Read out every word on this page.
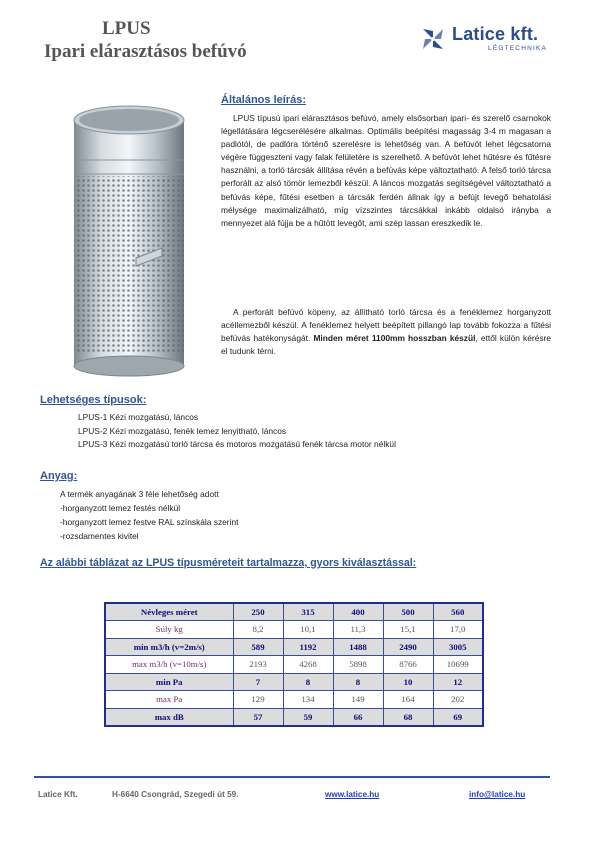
LPUS
Ipari elárasztásos befúvó
Latice kft.
LÉGTECHNIKA
Általános leírás:
LPUS típusú ipari elárasztásos befúvó, amely elsősorban ipari- és szerelő csarnokok légellátására légcserélésére alkalmas. Optimális beépítési magasság 3-4 m magasan a padlótól, de padlóra történő szerelésre is lehetőség van. A befúvót lehet légcsatorna végére függeszteni vagy falak felületére is szerelhető. A befúvót lehet hűtésre és fűtésre használni, a torló tárcsák állítása révén a befúvás képe változtatható. A felső torló tárcsa perforált az alsó tömör lemezből készül. A láncos mozgatás segítségével változtatható a befúvás képe, fűtési esetben a tárcsák ferdén állnak így a befújt levegő behatolási mélysége maximalizálható, míg vízszintes tárcsákkal inkább oldalsó irányba a mennyezet alá fújja be a hűtött levegőt, ami szép lassan ereszkedik le.
A perforált befúvó köpeny, az állítható torló tárcsa és a fenéklemez horganyzott acéllemezből készül. A fenéklemez helyett beépített pillangó lap tovább fokozza a fűtési befúvás hatékonyságát. Minden méret 1100mm hosszban készül, ettől külön kérésre el tudunk térni.
Lehetséges típusok:
LPUS-1 Kézi mozgatású, láncos
LPUS-2 Kézi mozgatású, fenék lemez lenyitható, láncos
LPUS-3 Kézi mozgatású torló tárcsa és motoros mozgatású fenék tárcsa motor nélkül
Anyag:
A termék anyagának 3 féle lehetőség adott
-horganyzott lemez festés nélkül
-horganyzott lemez festve RAL színskála szerint
-rozsdamentes kivitel
Az alábbi táblázat az LPUS típusméreteit tartalmazza, gyors kiválasztással:
Névleges méret	250	315	400	500	560
Súly kg	8,2	10,1	11,3	15,1	17,0
min m3/h (v=2m/s)	589	1192	1488	2490	3005
max m3/h (v=10m/s)	2193	4268	5898	8766	10699
min Pa	7	8	8	10	12
max Pa	129	134	149	164	202
max dB	57	59	66	68	69
Latice Kft.	H-6640 Csongrád, Szegedi út 59.	www.latice.hu	info@latice.hu
